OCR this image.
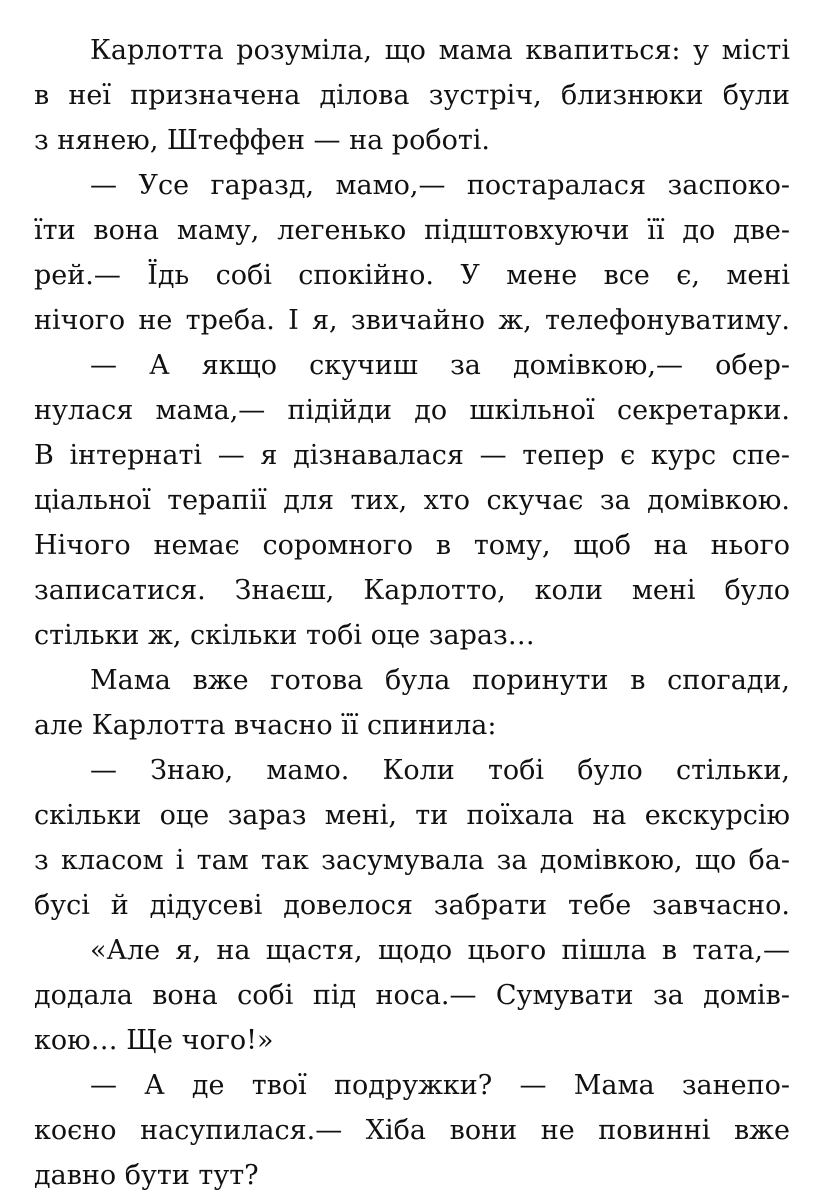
Карлотта розуміла, що мама квапиться: у місті
в неї призначена ділова зустріч, близнюки були
з нянею, Штеффен — на роботі.
— Усе гаразд, мамо,— постаралася заспоко-
їти вона маму, легенько підштовхуючи її до две-
рей.— Їдь собі спокійно. У мене все є, мені
нічого не треба. І я, звичайно ж, телефонуватиму.
— А якщо скучиш за домівкою,— обер-
нулася мама,— підійди до шкільної секретарки.
В інтернаті — я дізнавалася — тепер є курс спе-
ціальної терапії для тих, хто скучає за домівкою.
Нічого немає соромного в тому, щоб на нього
записатися. Знаєш, Карлотто, коли мені було
стільки ж, скільки тобі оце зараз…
Мама вже готова була поринути в спогади,
але Карлотта вчасно її спинила:
— Знаю, мамо. Коли тобі було стільки,
скільки оце зараз мені, ти поїхала на екскурсію
з класом і там так засумувала за домівкою, що ба-
бусі й дідусеві довелося забрати тебе завчасно.
«Але я, на щастя, щодо цього пішла в тата,—
додала вона собі під носа.— Сумувати за домів-
кою… Ще чого!»
— А де твої подружки? — Мама занепо-
коєно насупилася.— Хіба вони не повинні вже
давно бути тут?
